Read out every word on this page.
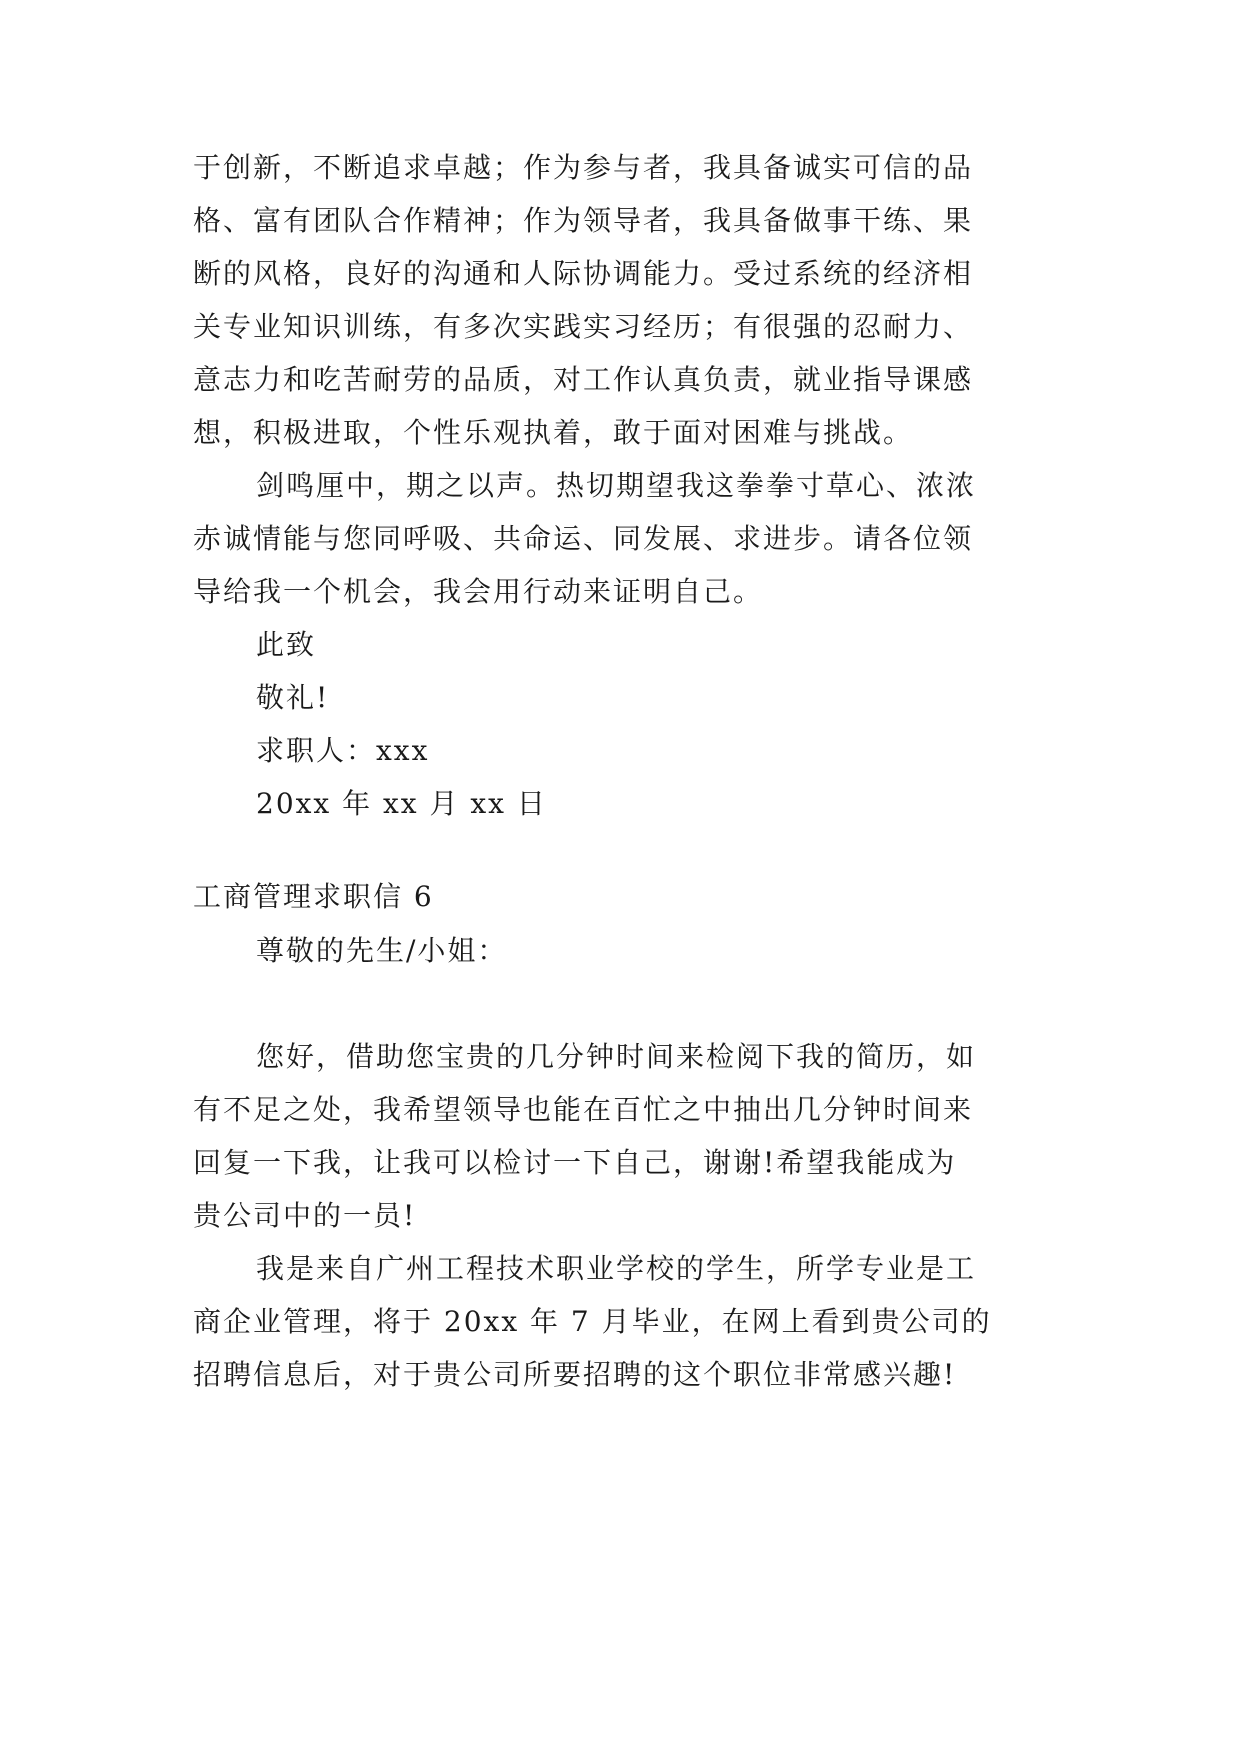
于创新，不断追求卓越；作为参与者，我具备诚实可信的品
格、富有团队合作精神；作为领导者，我具备做事干练、果
断的风格，良好的沟通和人际协调能力。受过系统的经济相
关专业知识训练，有多次实践实习经历；有很强的忍耐力、
意志力和吃苦耐劳的品质，对工作认真负责，就业指导课感
想，积极进取，个性乐观执着，敢于面对困难与挑战。
剑鸣厘中，期之以声。热切期望我这拳拳寸草心、浓浓
赤诚情能与您同呼吸、共命运、同发展、求进步。请各位领
导给我一个机会，我会用行动来证明自己。
此致
敬礼!
求职人：xxx
20xx 年 xx 月 xx 日
工商管理求职信 6
尊敬的先生/小姐：
您好，借助您宝贵的几分钟时间来检阅下我的简历，如
有不足之处，我希望领导也能在百忙之中抽出几分钟时间来
回复一下我，让我可以检讨一下自己，谢谢!希望我能成为
贵公司中的一员!
我是来自广州工程技术职业学校的学生，所学专业是工
商企业管理，将于 20xx 年 7 月毕业，在网上看到贵公司的
招聘信息后，对于贵公司所要招聘的这个职位非常感兴趣!
